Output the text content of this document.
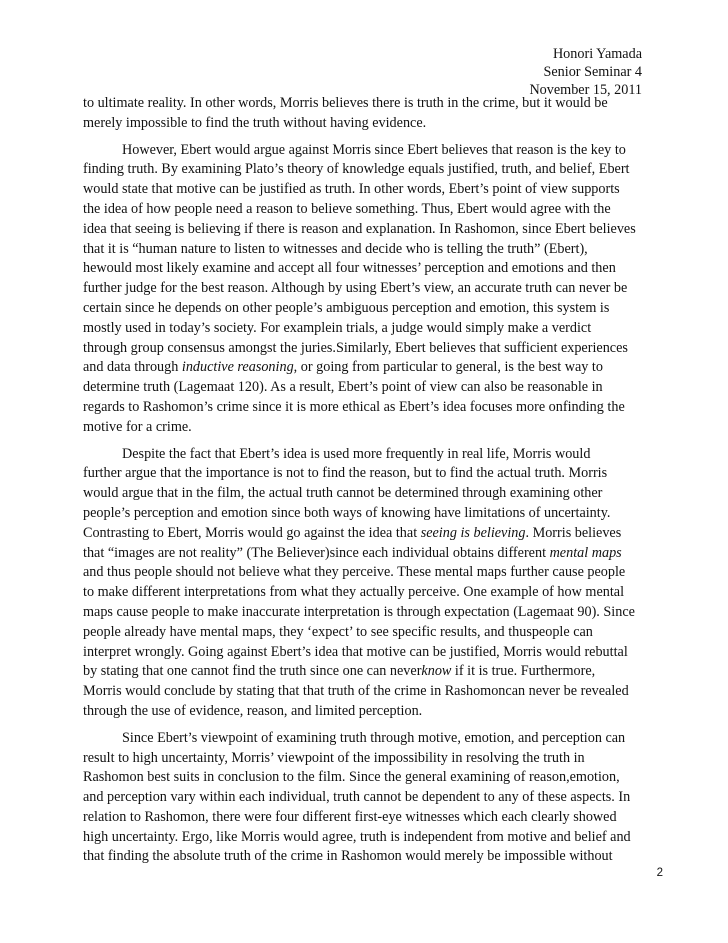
Honori Yamada
Senior Seminar 4
November 15, 2011
to ultimate reality. In other words, Morris believes there is truth in the crime, but it would be
merely impossible to find the truth without having evidence.
However, Ebert would argue against Morris since Ebert believes that reason is the key to
finding truth. By examining Plato’s theory of knowledge equals justified, truth, and belief, Ebert
would state that motive can be justified as truth. In other words, Ebert’s point of view supports
the idea of how people need a reason to believe something. Thus, Ebert would agree with the
idea that seeing is believing if there is reason and explanation. In Rashomon, since Ebert believes
that it is “human nature to listen to witnesses and decide who is telling the truth” (Ebert),
hewould most likely examine and accept all four witnesses’ perception and emotions and then
further judge for the best reason. Although by using Ebert’s view, an accurate truth can never be
certain since he depends on other people’s ambiguous perception and emotion, this system is
mostly used in today’s society. For examplein trials, a judge would simply make a verdict
through group consensus amongst the juries.Similarly, Ebert believes that sufficient experiences
and data through inductive reasoning, or going from particular to general, is the best way to
determine truth (Lagemaat 120). As a result, Ebert’s point of view can also be reasonable in
regards to Rashomon’s crime since it is more ethical as Ebert’s idea focuses more onfinding the
motive for a crime.
Despite the fact that Ebert’s idea is used more frequently in real life, Morris would
further argue that the importance is not to find the reason, but to find the actual truth. Morris
would argue that in the film, the actual truth cannot be determined through examining other
people’s perception and emotion since both ways of knowing have limitations of uncertainty.
Contrasting to Ebert, Morris would go against the idea that seeing is believing. Morris believes
that “images are not reality” (The Believer)since each individual obtains different mental maps
and thus people should not believe what they perceive. These mental maps further cause people
to make different interpretations from what they actually perceive. One example of how mental
maps cause people to make inaccurate interpretation is through expectation (Lagemaat 90). Since
people already have mental maps, they ‘expect’ to see specific results, and thuspeople can
interpret wrongly. Going against Ebert’s idea that motive can be justified, Morris would rebuttal
by stating that one cannot find the truth since one can neverknow if it is true. Furthermore,
Morris would conclude by stating that that truth of the crime in Rashomoncan never be revealed
through the use of evidence, reason, and limited perception.
Since Ebert’s viewpoint of examining truth through motive, emotion, and perception can
result to high uncertainty, Morris’ viewpoint of the impossibility in resolving the truth in
Rashomon best suits in conclusion to the film. Since the general examining of reason,emotion,
and perception vary within each individual, truth cannot be dependent to any of these aspects. In
relation to Rashomon, there were four different first-eye witnesses which each clearly showed
high uncertainty. Ergo, like Morris would agree, truth is independent from motive and belief and
that finding the absolute truth of the crime in Rashomon would merely be impossible without
2
